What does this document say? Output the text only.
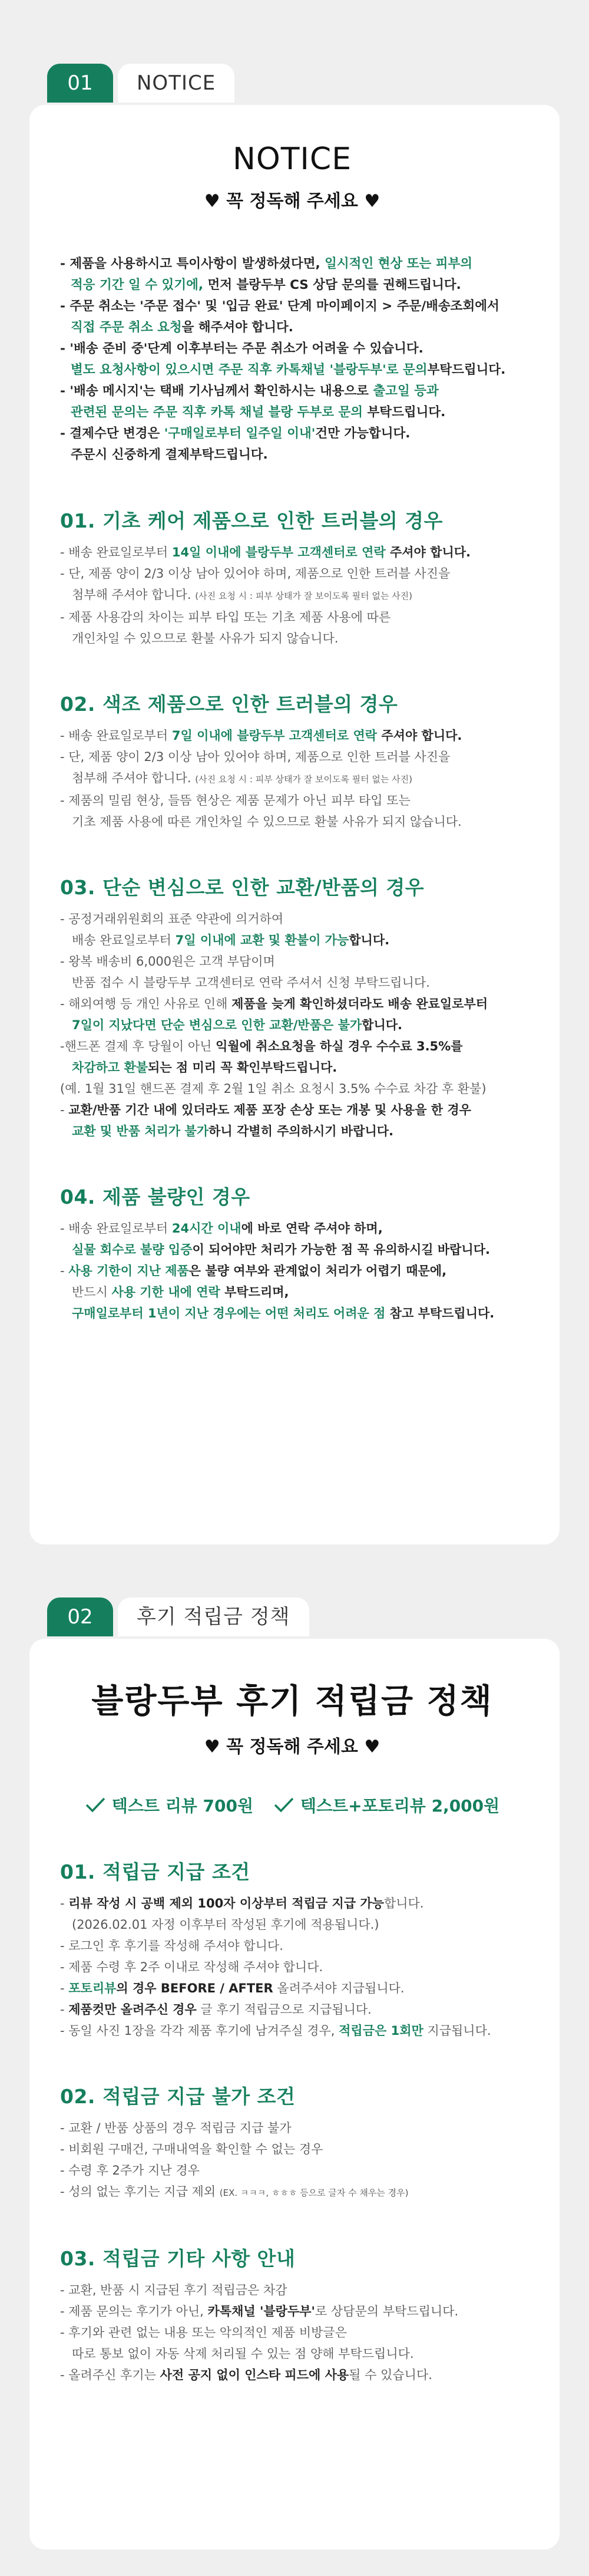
01	NOTICE
NOTICE
♥ 꼭 정독해 주세요 ♥

- 제품을 사용하시고 특이사항이 발생하셨다면, 일시적인 현상 또는 피부의

적응 기간 일 수 있기에, 먼저 블랑두부 CS 상담 문의를 권해드립니다.

- 주문 취소는 '주문 접수' 및 '입금 완료' 단계 마이페이지 > 주문/배송조회에서

직접 주문 취소 요청을 해주셔야 합니다.

- '배송 준비 중'단계 이후부터는 주문 취소가 어려울 수 있습니다.

별도 요청사항이 있으시면 주문 직후 카톡채널 '블랑두부'로 문의부탁드립니다.

- '배송 메시지'는 택배 기사님께서 확인하시는 내용으로 출고일 등과

관련된 문의는 주문 직후 카톡 채널 블랑 두부로 문의 부탁드립니다.

- 결제수단 변경은 '구매일로부터 일주일 이내'건만 가능합니다.

주문시 신중하게 결제부탁드립니다.

01. 기초 케어 제품으로 인한 트러블의 경우

- 배송 완료일로부터 14일 이내에 블랑두부 고객센터로 연락 주셔야 합니다.

- 단, 제품 양이 2/3 이상 남아 있어야 하며, 제품으로 인한 트러블 사진을

첨부해 주셔야 합니다. (사진 요청 시 : 피부 상태가 잘 보이도록 필터 없는 사진)

- 제품 사용감의 차이는 피부 타입 또는 기초 제품 사용에 따른

개인차일 수 있으므로 환불 사유가 되지 않습니다.

02. 색조 제품으로 인한 트러블의 경우

- 배송 완료일로부터 7일 이내에 블랑두부 고객센터로 연락 주셔야 합니다.

- 단, 제품 양이 2/3 이상 남아 있어야 하며, 제품으로 인한 트러블 사진을

첨부해 주셔야 합니다. (사진 요청 시 : 피부 상태가 잘 보이도록 필터 없는 사진)

- 제품의 밀림 현상, 들뜸 현상은 제품 문제가 아닌 피부 타입 또는

기초 제품 사용에 따른 개인차일 수 있으므로 환불 사유가 되지 않습니다.

03. 단순 변심으로 인한 교환/반품의 경우

- 공정거래위원회의 표준 약관에 의거하여

배송 완료일로부터 7일 이내에 교환 및 환불이 가능합니다.

- 왕복 배송비 6,000원은 고객 부담이며

반품 접수 시 블랑두부 고객센터로 연락 주셔서 신청 부탁드립니다.

- 해외여행 등 개인 사유로 인해 제품을 늦게 확인하셨더라도 배송 완료일로부터

7일이 지났다면 단순 변심으로 인한 교환/반품은 불가합니다.

-핸드폰 결제 후 당월이 아닌 익월에 취소요청을 하실 경우 수수료 3.5%를

차감하고 환불되는 점 미리 꼭 확인부탁드립니다.

(예. 1월 31일 핸드폰 결제 후 2월 1일 취소 요청시 3.5% 수수료 차감 후 환불)

- 교환/반품 기간 내에 있더라도 제품 포장 손상 또는 개봉 및 사용을 한 경우

교환 및 반품 처리가 불가하니 각별히 주의하시기 바랍니다.

04. 제품 불량인 경우

- 배송 완료일로부터 24시간 이내에 바로 연락 주셔야 하며,

실물 회수로 불량 입증이 되어야만 처리가 가능한 점 꼭 유의하시길 바랍니다.

- 사용 기한이 지난 제품은 불량 여부와 관계없이 처리가 어렵기 때문에,

반드시 사용 기한 내에 연락 부탁드리며,

구매일로부터 1년이 지난 경우에는 어떤 처리도 어려운 점 참고 부탁드립니다.

02	후기 적립금 정책
블랑두부 후기 적립금 정책
♥ 꼭 정독해 주세요 ♥
텍스트 리뷰 700원	텍스트+포토리뷰 2,000원
01. 적립금 지급 조건

- 리뷰 작성 시 공백 제외 100자 이상부터 적립금 지급 가능합니다.

(2026.02.01 자정 이후부터 작성된 후기에 적용됩니다.)

- 로그인 후 후기를 작성해 주셔야 합니다.

- 제품 수령 후 2주 이내로 작성해 주셔야 합니다.

- 포토리뷰의 경우 BEFORE / AFTER 올려주셔야 지급됩니다.

- 제품컷만 올려주신 경우 글 후기 적립금으로 지급됩니다.

- 동일 사진 1장을 각각 제품 후기에 남겨주실 경우, 적립금은 1회만 지급됩니다.

02. 적립금 지급 불가 조건

- 교환 / 반품 상품의 경우 적립금 지급 불가

- 비회원 구매건, 구매내역을 확인할 수 없는 경우

- 수령 후 2주가 지난 경우

- 성의 없는 후기는 지급 제외 (EX. ㅋㅋㅋ, ㅎㅎㅎ 등으로 글자 수 채우는 경우)

03. 적립금 기타 사항 안내

- 교환, 반품 시 지급된 후기 적립금은 차감

- 제품 문의는 후기가 아닌, 카톡채널 '블랑두부'로 상담문의 부탁드립니다.

- 후기와 관련 없는 내용 또는 악의적인 제품 비방글은

따로 통보 없이 자동 삭제 처리될 수 있는 점 양해 부탁드립니다.

- 올려주신 후기는 사전 공지 없이 인스타 피드에 사용될 수 있습니다.
